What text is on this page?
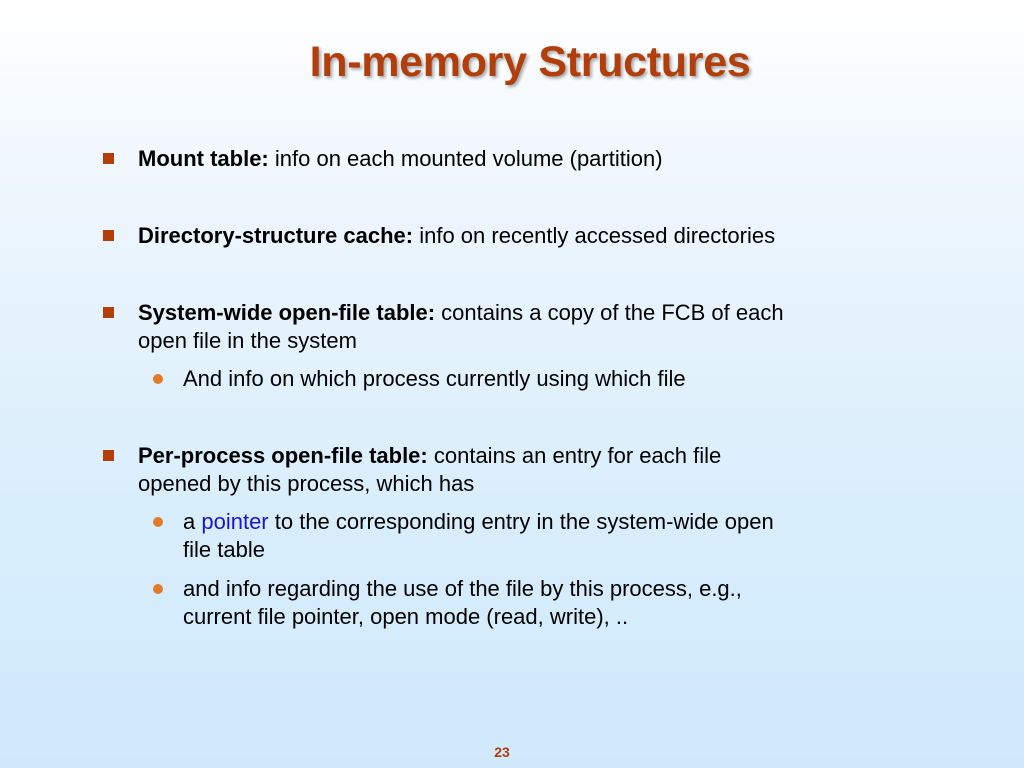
In-memory Structures
Mount table: info on each mounted volume (partition)
Directory-structure cache: info on recently accessed directories
System-wide open-file table: contains a copy of the FCB of each
open file in the system
And info on which process currently using which file
Per-process open-file table: contains an entry for each file
opened by this process, which has
a pointer to the corresponding entry in the system-wide open
file table
and info regarding the use of the file by this process, e.g.,
current file pointer, open mode (read, write), ..
23
